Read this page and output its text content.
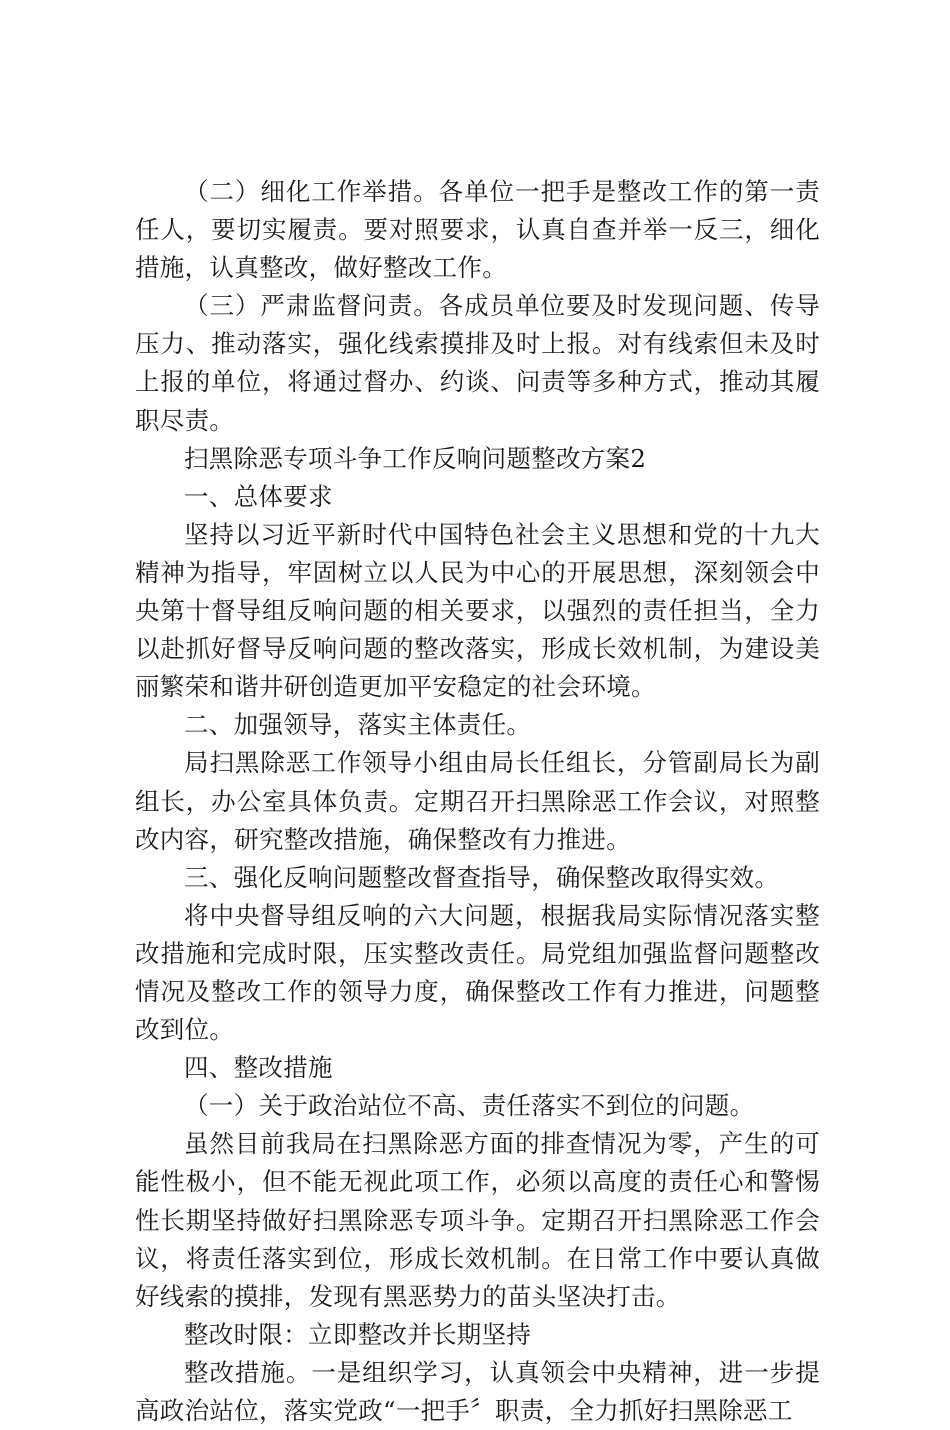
（二）细化工作举措。各单位一把手是整改工作的第一责任人，要切实履责。要对照要求，认真自查并举一反三，细化措施，认真整改，做好整改工作。

（三）严肃监督问责。各成员单位要及时发现问题、传导压力、推动落实，强化线索摸排及时上报。对有线索但未及时上报的单位，将通过督办、约谈、问责等多种方式，推动其履职尽责。

扫黑除恶专项斗争工作反响问题整改方案2

一、总体要求

坚持以习近平新时代中国特色社会主义思想和党的十九大精神为指导，牢固树立以人民为中心的开展思想，深刻领会中央第十督导组反响问题的相关要求，以强烈的责任担当，全力以赴抓好督导反响问题的整改落实，形成长效机制，为建设美丽繁荣和谐井研创造更加平安稳定的社会环境。

二、加强领导，落实主体责任。

局扫黑除恶工作领导小组由局长任组长，分管副局长为副组长，办公室具体负责。定期召开扫黑除恶工作会议，对照整改内容，研究整改措施，确保整改有力推进。

三、强化反响问题整改督查指导，确保整改取得实效。

将中央督导组反响的六大问题，根据我局实际情况落实整改措施和完成时限，压实整改责任。局党组加强监督问题整改情况及整改工作的领导力度，确保整改工作有力推进，问题整改到位。

四、整改措施

（一）关于政治站位不高、责任落实不到位的问题。

虽然目前我局在扫黑除恶方面的排查情况为零，产生的可能性极小，但不能无视此项工作，必须以高度的责任心和警惕性长期坚持做好扫黑除恶专项斗争。定期召开扫黑除恶工作会议，将责任落实到位，形成长效机制。在日常工作中要认真做好线索的摸排，发现有黑恶势力的苗头坚决打击。

整改时限：立即整改并长期坚持

整改措施。一是组织学习，认真领会中央精神，进一步提高政治站位，落实党政“一把手〞职责，全力抓好扫黑除恶工
